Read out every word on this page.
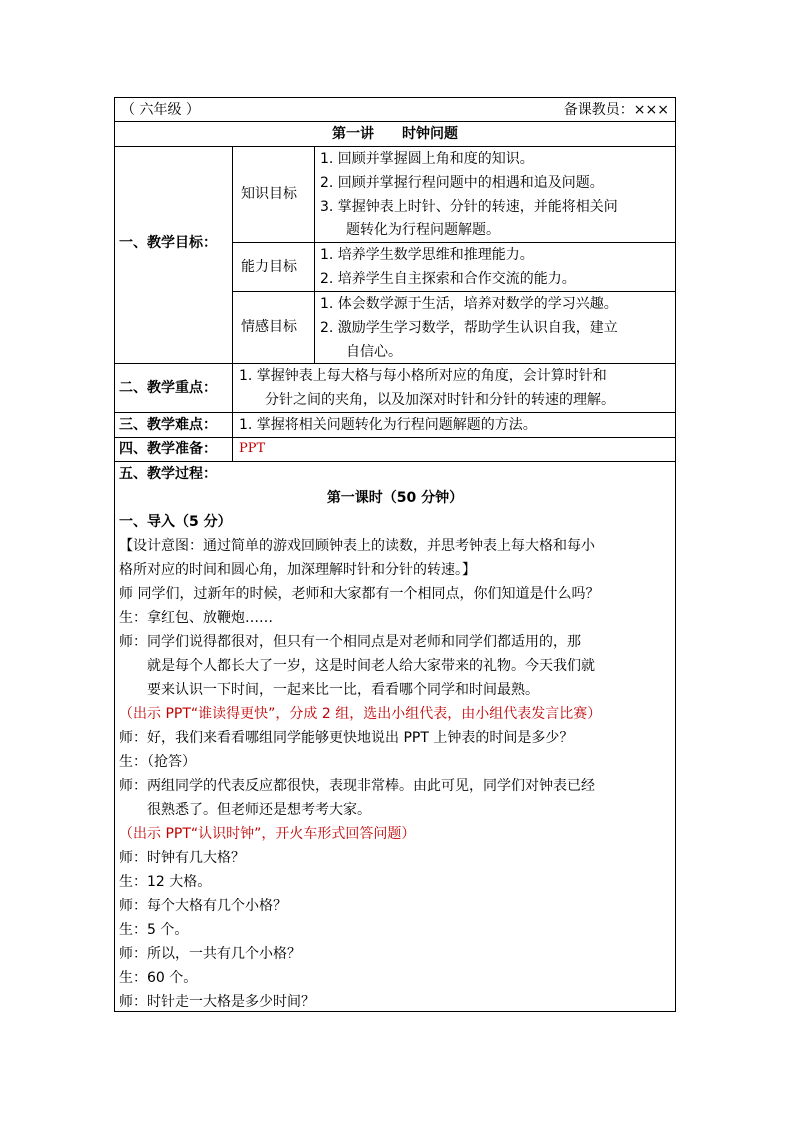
（ 六年级 ）	备课教员：×××
第一讲　　时钟问题
一、教学目标：
知识目标
1. 回顾并掌握圆上角和度的知识。
2. 回顾并掌握行程问题中的相遇和追及问题。
3. 掌握钟表上时针、分针的转速，并能将相关问
题转化为行程问题解题。
能力目标
1. 培养学生数学思维和推理能力。
2. 培养学生自主探索和合作交流的能力。
情感目标
1. 体会数学源于生活，培养对数学的学习兴趣。
2. 激励学生学习数学，帮助学生认识自我，建立
自信心。
二、教学重点：
1. 掌握钟表上每大格与每小格所对应的角度，会计算时针和
分针之间的夹角，以及加深对时针和分针的转速的理解。
三、教学难点： 1. 掌握将相关问题转化为行程问题解题的方法。
四、教学准备： PPT
五、教学过程：
第一课时（50 分钟）
一、导入（5 分）
【设计意图：通过简单的游戏回顾钟表上的读数，并思考钟表上每大格和每小
格所对应的时间和圆心角，加深理解时针和分针的转速。】
师 同学们，过新年的时候，老师和大家都有一个相同点，你们知道是什么吗？
生：拿红包、放鞭炮……
师：同学们说得都很对，但只有一个相同点是对老师和同学们都适用的，那
就是每个人都长大了一岁，这是时间老人给大家带来的礼物。今天我们就
要来认识一下时间，一起来比一比，看看哪个同学和时间最熟。
（出示 PPT“谁读得更快”，分成 2 组，选出小组代表，由小组代表发言比赛）
师：好，我们来看看哪组同学能够更快地说出 PPT 上钟表的时间是多少？
生：（抢答）
师：两组同学的代表反应都很快，表现非常棒。由此可见，同学们对钟表已经
很熟悉了。但老师还是想考考大家。
（出示 PPT“认识时钟”，开火车形式回答问题）
师：时钟有几大格？
生：12 大格。
师：每个大格有几个小格？
生：5 个。
师：所以，一共有几个小格？
生：60 个。
师：时针走一大格是多少时间？
